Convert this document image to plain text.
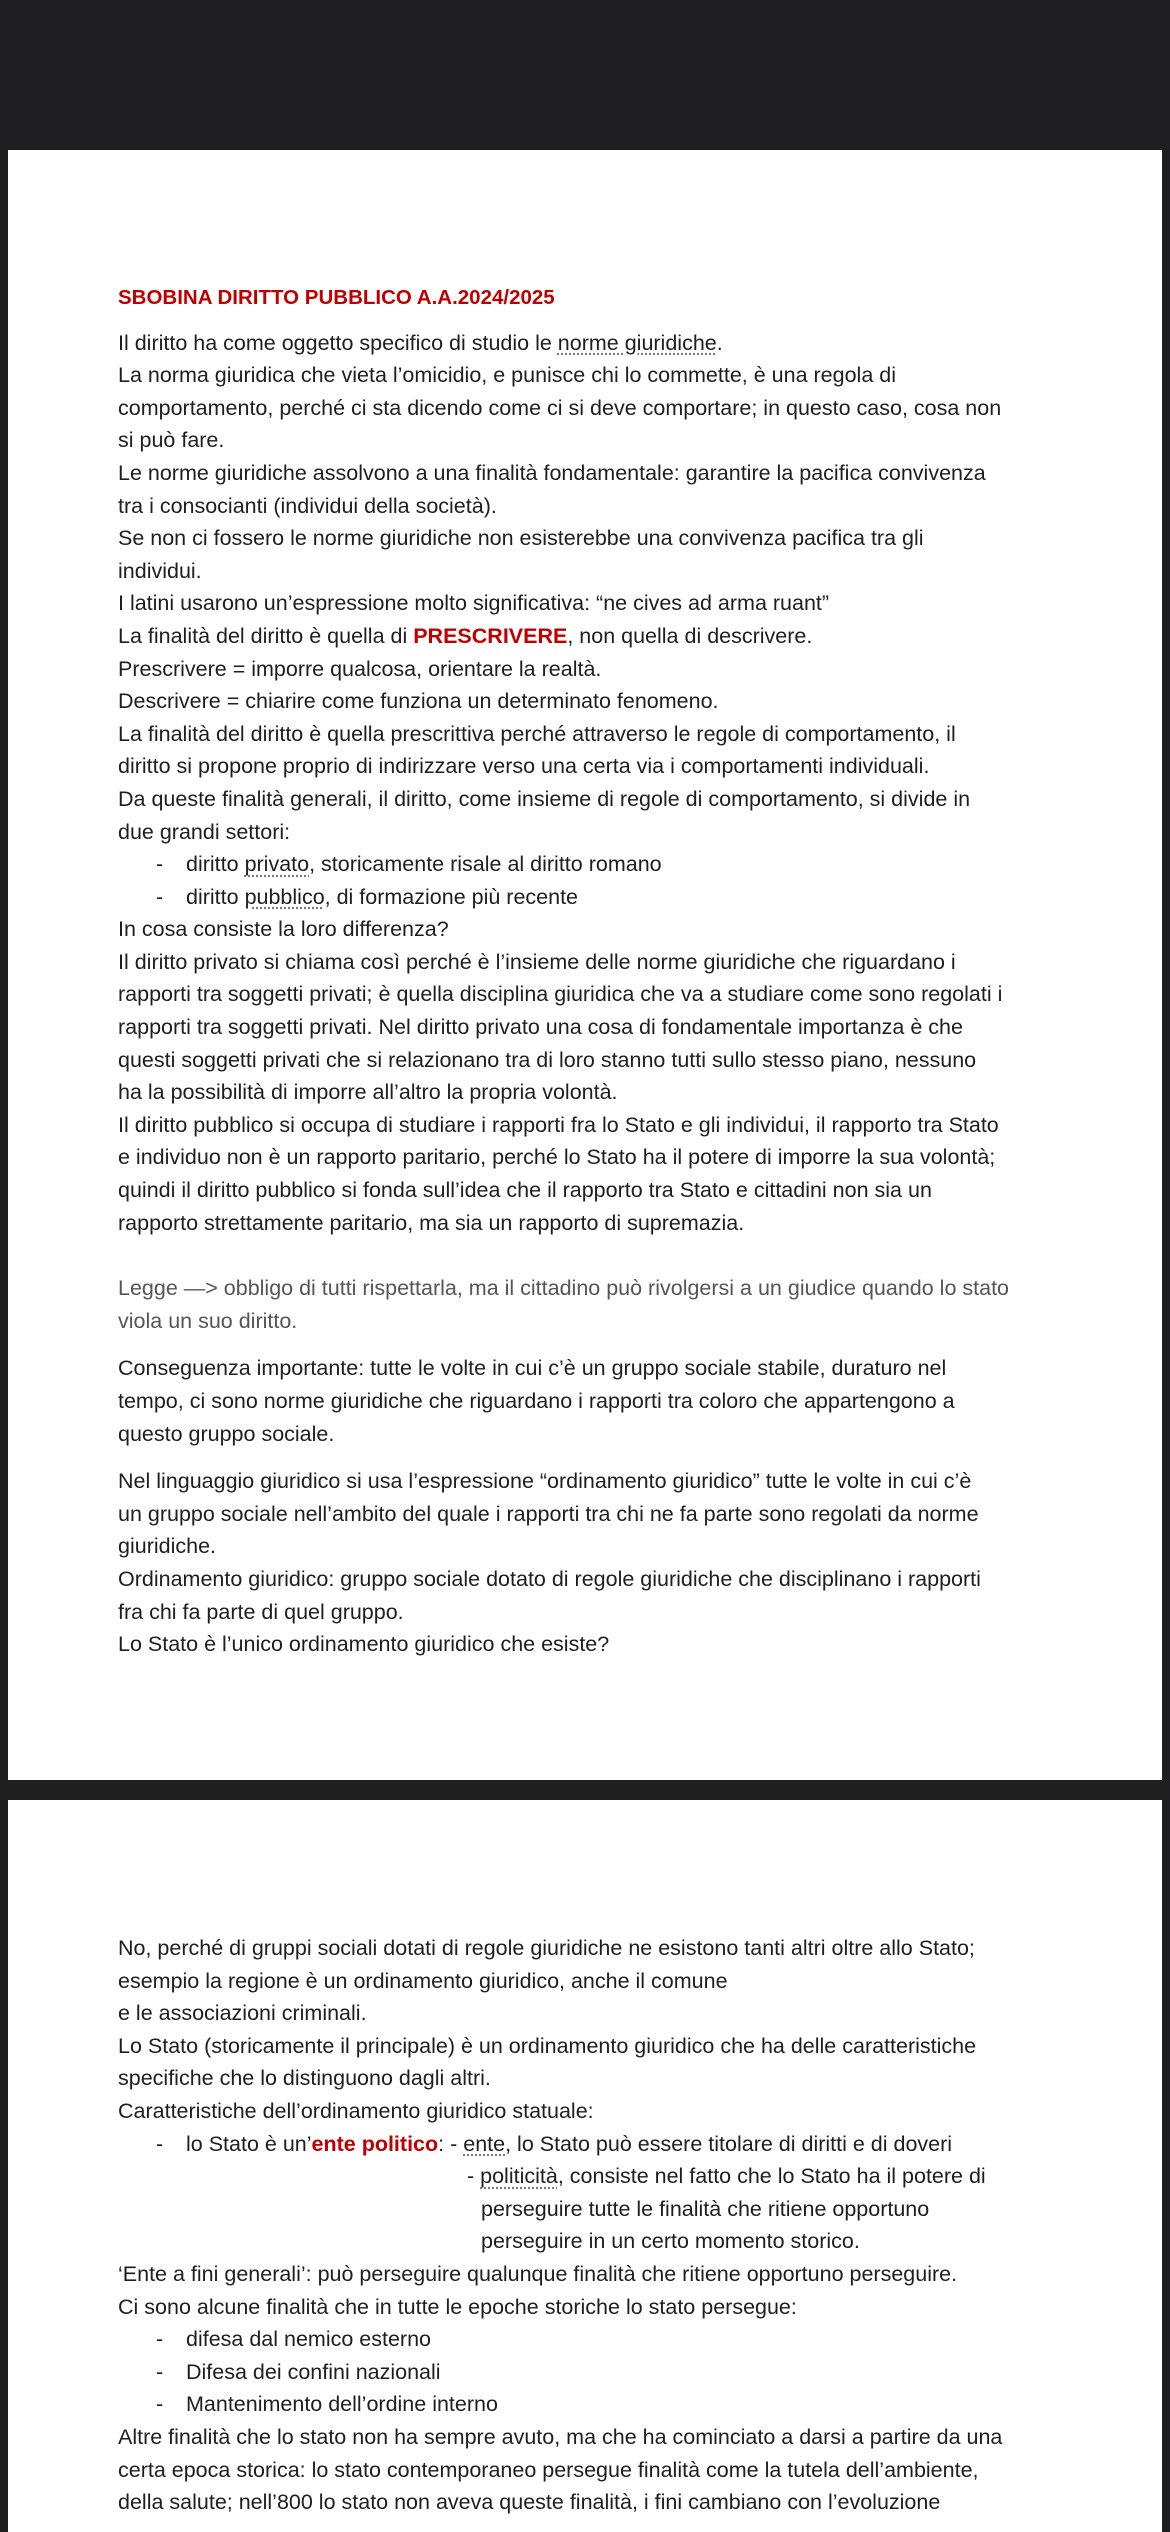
SBOBINA DIRITTO PUBBLICO A.A.2024/2025
Il diritto ha come oggetto specifico di studio le norme giuridiche.
La norma giuridica che vieta l’omicidio, e punisce chi lo commette, è una regola di
comportamento, perché ci sta dicendo come ci si deve comportare; in questo caso, cosa non
si può fare.
Le norme giuridiche assolvono a una finalità fondamentale: garantire la pacifica convivenza
tra i consocianti (individui della società).
Se non ci fossero le norme giuridiche non esisterebbe una convivenza pacifica tra gli
individui.
I latini usarono un’espressione molto significativa: “ne cives ad arma ruant”
La finalità del diritto è quella di PRESCRIVERE, non quella di descrivere.
Prescrivere = imporre qualcosa, orientare la realtà.
Descrivere = chiarire come funziona un determinato fenomeno.
La finalità del diritto è quella prescrittiva perché attraverso le regole di comportamento, il
diritto si propone proprio di indirizzare verso una certa via i comportamenti individuali.
Da queste finalità generali, il diritto, come insieme di regole di comportamento, si divide in
due grandi settori:
-	diritto privato, storicamente risale al diritto romano
-	diritto pubblico, di formazione più recente
In cosa consiste la loro differenza?
Il diritto privato si chiama così perché è l’insieme delle norme giuridiche che riguardano i
rapporti tra soggetti privati; è quella disciplina giuridica che va a studiare come sono regolati i
rapporti tra soggetti privati. Nel diritto privato una cosa di fondamentale importanza è che
questi soggetti privati che si relazionano tra di loro stanno tutti sullo stesso piano, nessuno
ha la possibilità di imporre all’altro la propria volontà.
Il diritto pubblico si occupa di studiare i rapporti fra lo Stato e gli individui, il rapporto tra Stato
e individuo non è un rapporto paritario, perché lo Stato ha il potere di imporre la sua volontà;
quindi il diritto pubblico si fonda sull’idea che il rapporto tra Stato e cittadini non sia un
rapporto strettamente paritario, ma sia un rapporto di supremazia.
Legge —> obbligo di tutti rispettarla, ma il cittadino può rivolgersi a un giudice quando lo stato
viola un suo diritto.
Conseguenza importante: tutte le volte in cui c’è un gruppo sociale stabile, duraturo nel
tempo, ci sono norme giuridiche che riguardano i rapporti tra coloro che appartengono a
questo gruppo sociale.
Nel linguaggio giuridico si usa l’espressione “ordinamento giuridico” tutte le volte in cui c’è
un gruppo sociale nell’ambito del quale i rapporti tra chi ne fa parte sono regolati da norme
giuridiche.
Ordinamento giuridico: gruppo sociale dotato di regole giuridiche che disciplinano i rapporti
fra chi fa parte di quel gruppo.
Lo Stato è l’unico ordinamento giuridico che esiste?
No, perché di gruppi sociali dotati di regole giuridiche ne esistono tanti altri oltre allo Stato;
esempio la regione è un ordinamento giuridico, anche il comune
e le associazioni criminali.
Lo Stato (storicamente il principale) è un ordinamento giuridico che ha delle caratteristiche
specifiche che lo distinguono dagli altri.
Caratteristiche dell’ordinamento giuridico statuale:
-	lo Stato è un’ente politico: - ente, lo Stato può essere titolare di diritti e di doveri
- politicità, consiste nel fatto che lo Stato ha il potere di
perseguire tutte le finalità che ritiene opportuno
perseguire in un certo momento storico.
‘Ente a fini generali’: può perseguire qualunque finalità che ritiene opportuno perseguire.
Ci sono alcune finalità che in tutte le epoche storiche lo stato persegue:
-	difesa dal nemico esterno
-	Difesa dei confini nazionali
-	Mantenimento dell’ordine interno
Altre finalità che lo stato non ha sempre avuto, ma che ha cominciato a darsi a partire da una
certa epoca storica: lo stato contemporaneo persegue finalità come la tutela dell’ambiente,
della salute; nell’800 lo stato non aveva queste finalità, i fini cambiano con l’evoluzione
